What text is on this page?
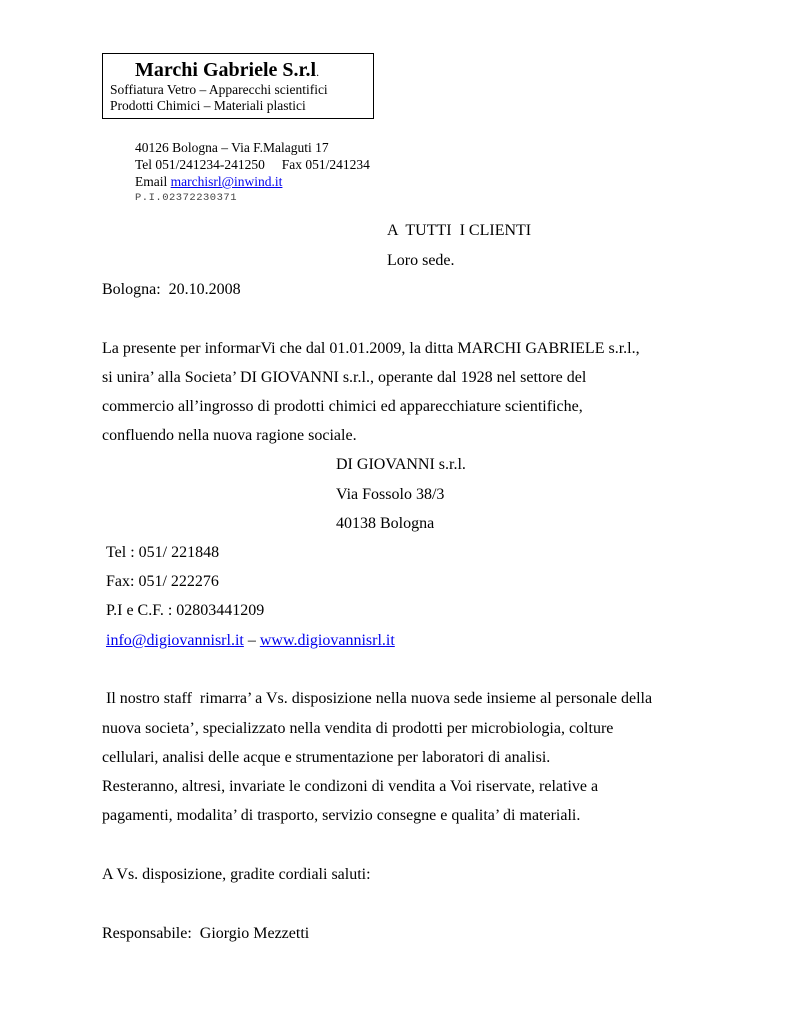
Marchi Gabriele S.r.l.
Soffiatura Vetro – Apparecchi scientifici
Prodotti Chimici – Materiali plastici
40126 Bologna – Via F.Malaguti 17
Tel 051/241234-241250     Fax 051/241234
Email marchisrl@inwind.it
P.I.02372230371
A  TUTTI  I CLIENTI
Loro sede.
Bologna:  20.10.2008
La presente per informarVi che dal 01.01.2009, la ditta MARCHI GABRIELE s.r.l.,
si unira’ alla Societa’ DI GIOVANNI s.r.l., operante dal 1928 nel settore del
commercio all’ingrosso di prodotti chimici ed apparecchiature scientifiche,
confluendo nella nuova ragione sociale.
DI GIOVANNI s.r.l.
Via Fossolo 38/3
40138 Bologna
Tel : 051/ 221848
Fax: 051/ 222276
P.I e C.F. : 02803441209
info@digiovannisrl.it – www.digiovannisrl.it
Il nostro staff  rimarra’ a Vs. disposizione nella nuova sede insieme al personale della
nuova societa’, specializzato nella vendita di prodotti per microbiologia, colture
cellulari, analisi delle acque e strumentazione per laboratori di analisi.
Resteranno, altresi, invariate le condizoni di vendita a Voi riservate, relative a
pagamenti, modalita’ di trasporto, servizio consegne e qualita’ di materiali.
A Vs. disposizione, gradite cordiali saluti:
Responsabile:  Giorgio Mezzetti
